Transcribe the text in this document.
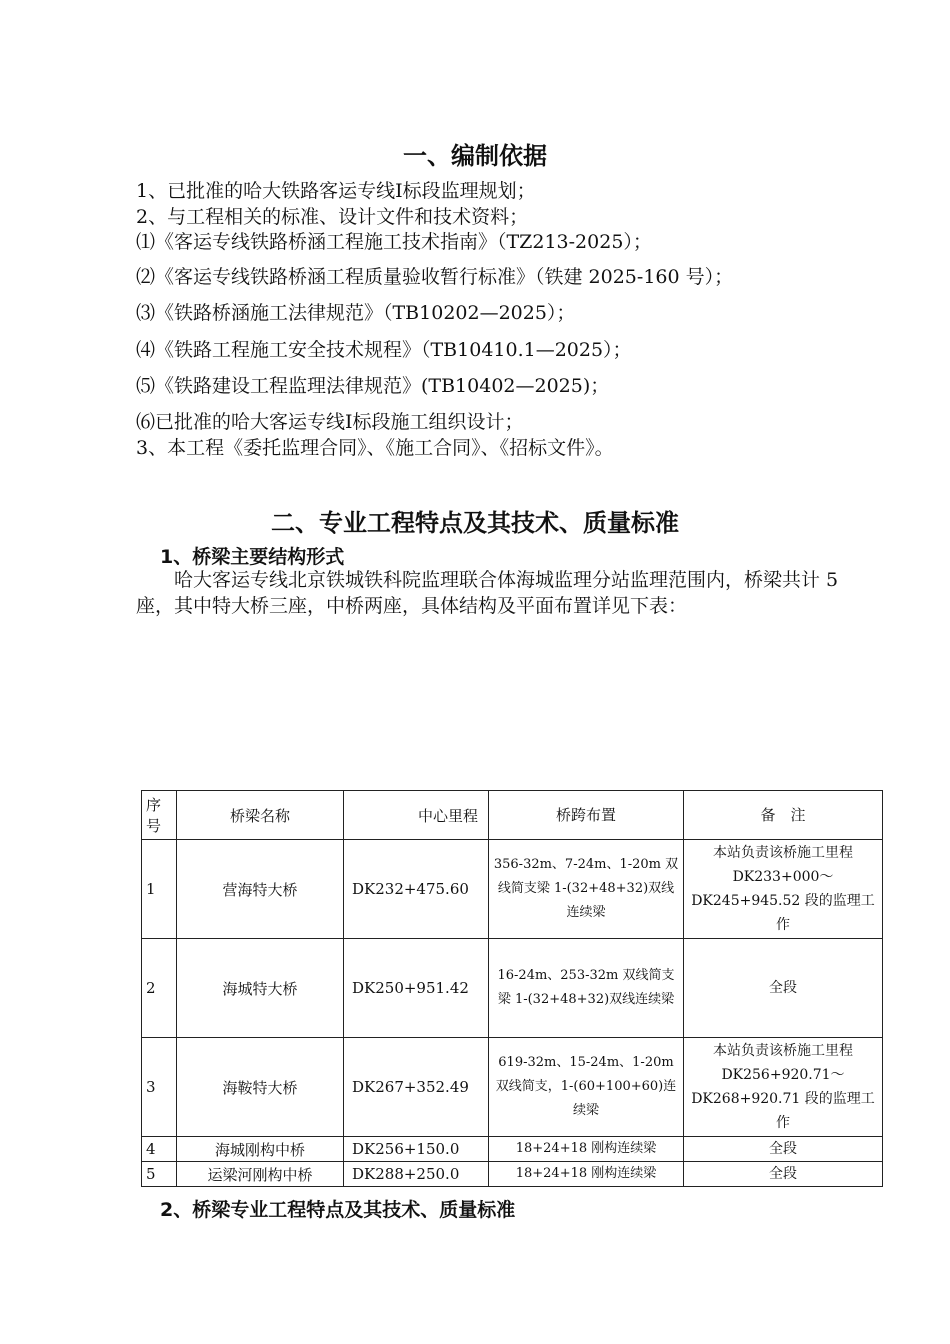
一、编制依据
1、已批准的哈大铁路客运专线Ⅰ标段监理规划；
2、与工程相关的标准、设计文件和技术资料；
⑴《客运专线铁路桥涵工程施工技术指南》（TZ213-2025）；
⑵《客运专线铁路桥涵工程质量验收暂行标准》（铁建 2025-160 号）；
⑶《铁路桥涵施工法律规范》（TB10202—2025）；
⑷《铁路工程施工安全技术规程》（TB10410.1—2025）；
⑸《铁路建设工程监理法律规范》(TB10402—2025)；
⑹已批准的哈大客运专线Ⅰ标段施工组织设计；
3、本工程《委托监理合同》、《施工合同》、《招标文件》。
二、专业工程特点及其技术、质量标准
1、桥梁主要结构形式
哈大客运专线北京铁城铁科院监理联合体海城监理分站监理范围内，桥梁共计 5 座，其中特大桥三座，中桥两座，具体结构及平面布置详见下表：
序号	桥梁名称	中心里程	桥跨布置	备　注
1	营海特大桥	DK232+475.60	356-32m、7-24m、1-20m 双线简支梁 1-(32+48+32)双线连续梁	本站负责该桥施工里程 DK233+000～DK245+945.52 段的监理工作
2	海城特大桥	DK250+951.42	16-24m、253-32m 双线简支梁 1-(32+48+32)双线连续梁	全段
3	海鞍特大桥	DK267+352.49	619-32m、15-24m、1-20m 双线简支，1-(60+100+60)连续梁	本站负责该桥施工里程 DK256+920.71～DK268+920.71 段的监理工作
4	海城刚构中桥	DK256+150.0	18+24+18 刚构连续梁	全段
5	运梁河刚构中桥	DK288+250.0	18+24+18 刚构连续梁	全段
2、桥梁专业工程特点及其技术、质量标准
